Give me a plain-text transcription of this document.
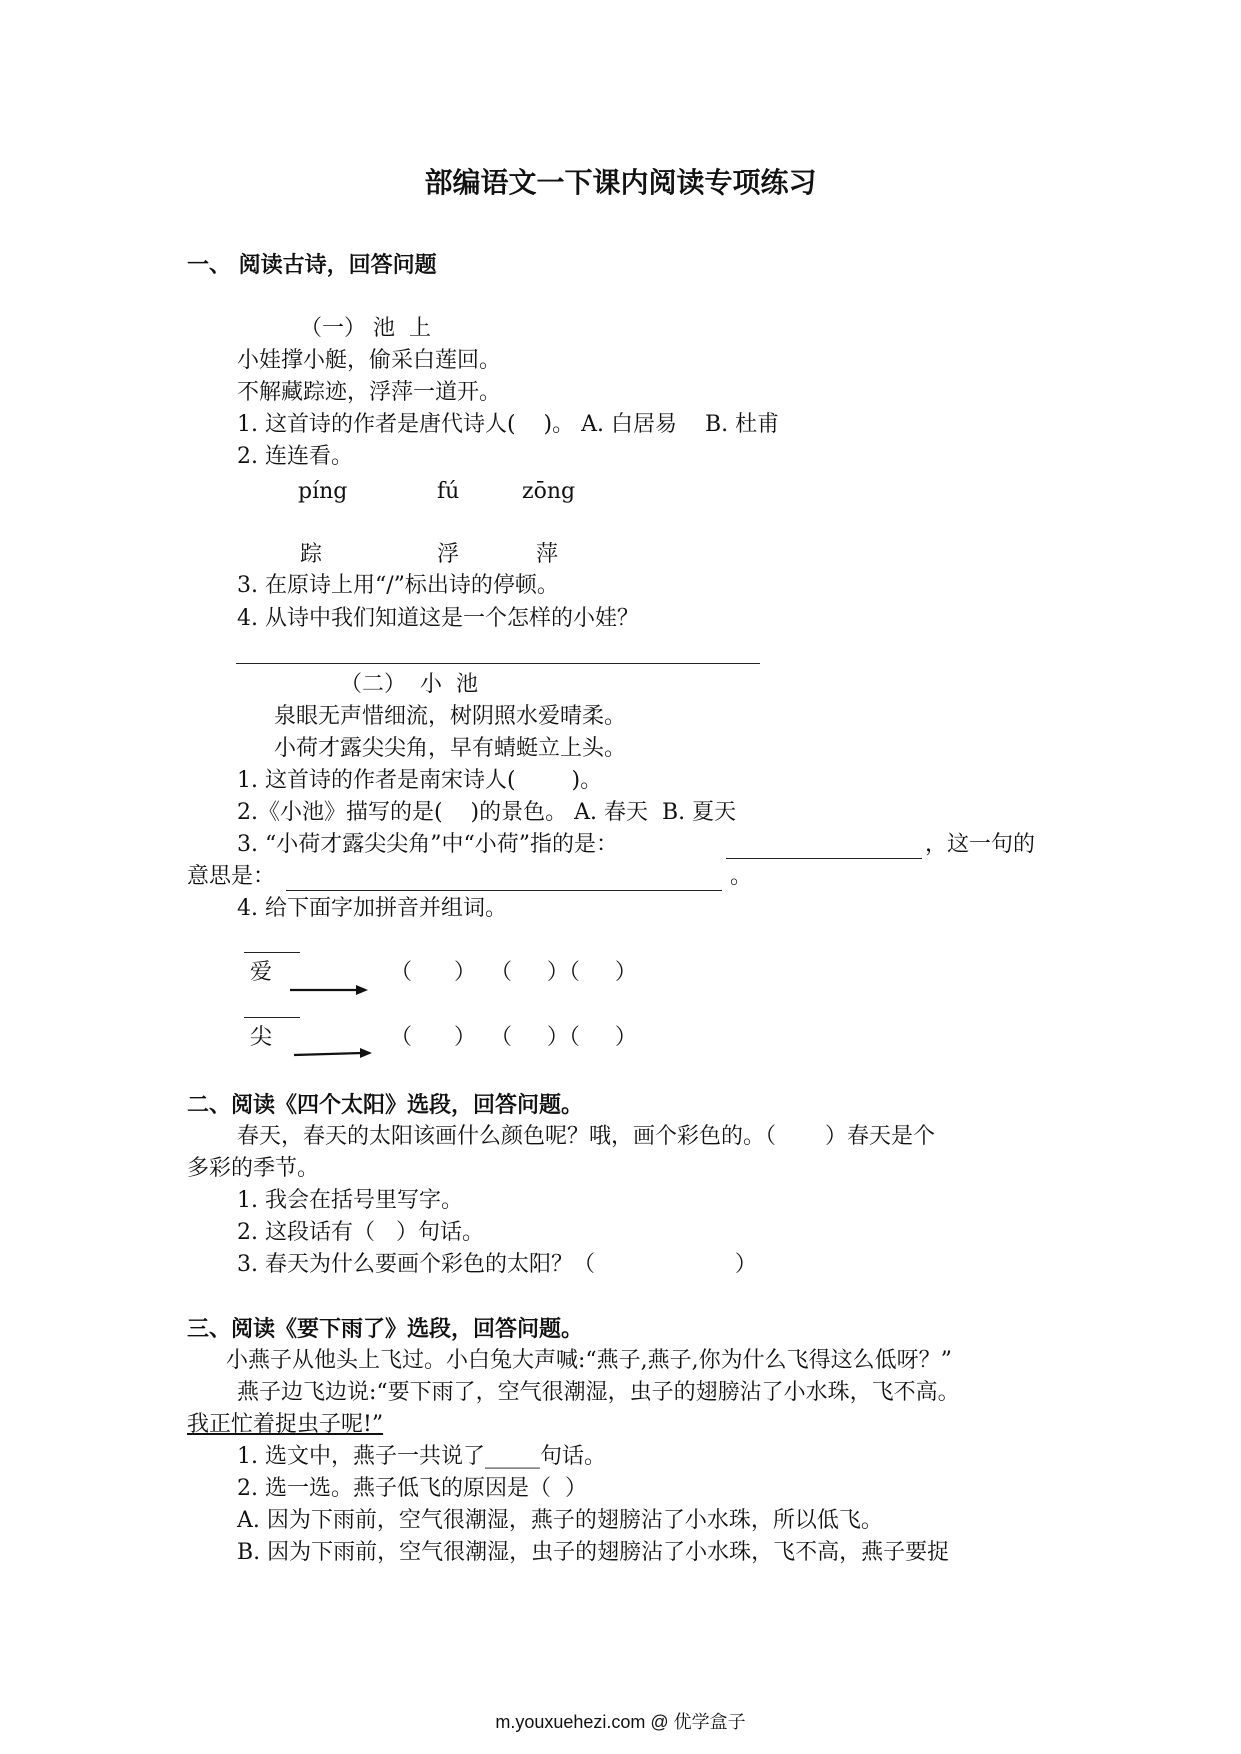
部编语文一下课内阅读专项练习
一、 阅读古诗，回答问题
（一） 池  上
小娃撑小艇，偷采白莲回。
不解藏踪迹，浮萍一道开。
1. 这首诗的作者是唐代诗人(    )。 A. 白居易    B. 杜甫
2. 连连看。
píng	fú	zōng
踪	浮	萍
3. 在原诗上用“/”标出诗的停顿。
4. 从诗中我们知道这是一个怎样的小娃？
（二）  小  池
泉眼无声惜细流，树阴照水爱晴柔。
小荷才露尖尖角，早有蜻蜓立上头。
1. 这首诗的作者是南宋诗人(        )。
2.《小池》描写的是(    )的景色。 A. 春天  B. 夏天
3. “小荷才露尖尖角”中“小荷”指的是：	，这一句的
意思是：	。
4. 给下面字加拼音并组词。
爱	（      ）  （     ）（     ）
尖	（      ）  （     ）（     ）
二、阅读《四个太阳》选段，回答问题。
春天，春天的太阳该画什么颜色呢？哦，画个彩色的。（       ）春天是个
多彩的季节。
1. 我会在括号里写字。
2. 这段话有（   ）句话。
3. 春天为什么要画个彩色的太阳？（                    ）
三、阅读《要下雨了》选段，回答问题。
小燕子从他头上飞过。小白兔大声喊:“燕子,燕子,你为什么飞得这么低呀？”
燕子边飞边说:“要下雨了，空气很潮湿，虫子的翅膀沾了小水珠，飞不高。
我正忙着捉虫子呢!”
1. 选文中，燕子一共说了_____句话。
2. 选一选。燕子低飞的原因是（  ）
A. 因为下雨前，空气很潮湿，燕子的翅膀沾了小水珠，所以低飞。
B. 因为下雨前，空气很潮湿，虫子的翅膀沾了小水珠，飞不高，燕子要捉
m.youxuehezi.com @ 优学盒子
